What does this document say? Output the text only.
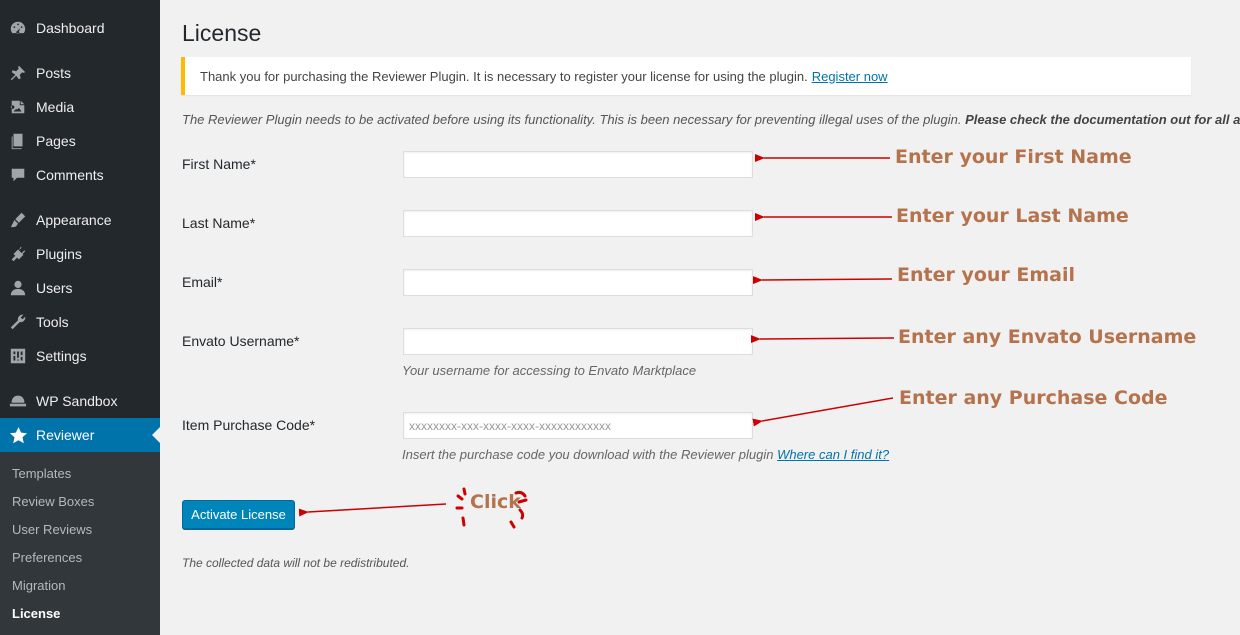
Dashboard
Posts
Media
Pages
Comments
Appearance
Plugins
Users
Tools
Settings
WP Sandbox
Reviewer
Templates
Review Boxes
User Reviews
Preferences
Migration
License
License
Thank you for purchasing the Reviewer Plugin. It is necessary to register your license for using the plugin. Register now
The Reviewer Plugin needs to be activated before using its functionality. This is been necessary for preventing illegal uses of the plugin. Please check the documentation out for all a
First Name*
Last Name*
Email*
Envato Username*
Your username for accessing to Envato Marktplace
Item Purchase Code*
xxxxxxxx-xxx-xxxx-xxxx-xxxxxxxxxxxx
Insert the purchase code you download with the Reviewer plugin Where can I find it?
Activate License
The collected data will not be redistributed.
Enter your First Name
Enter your Last Name
Enter your Email
Enter any Envato Username
Enter any Purchase Code
Click
